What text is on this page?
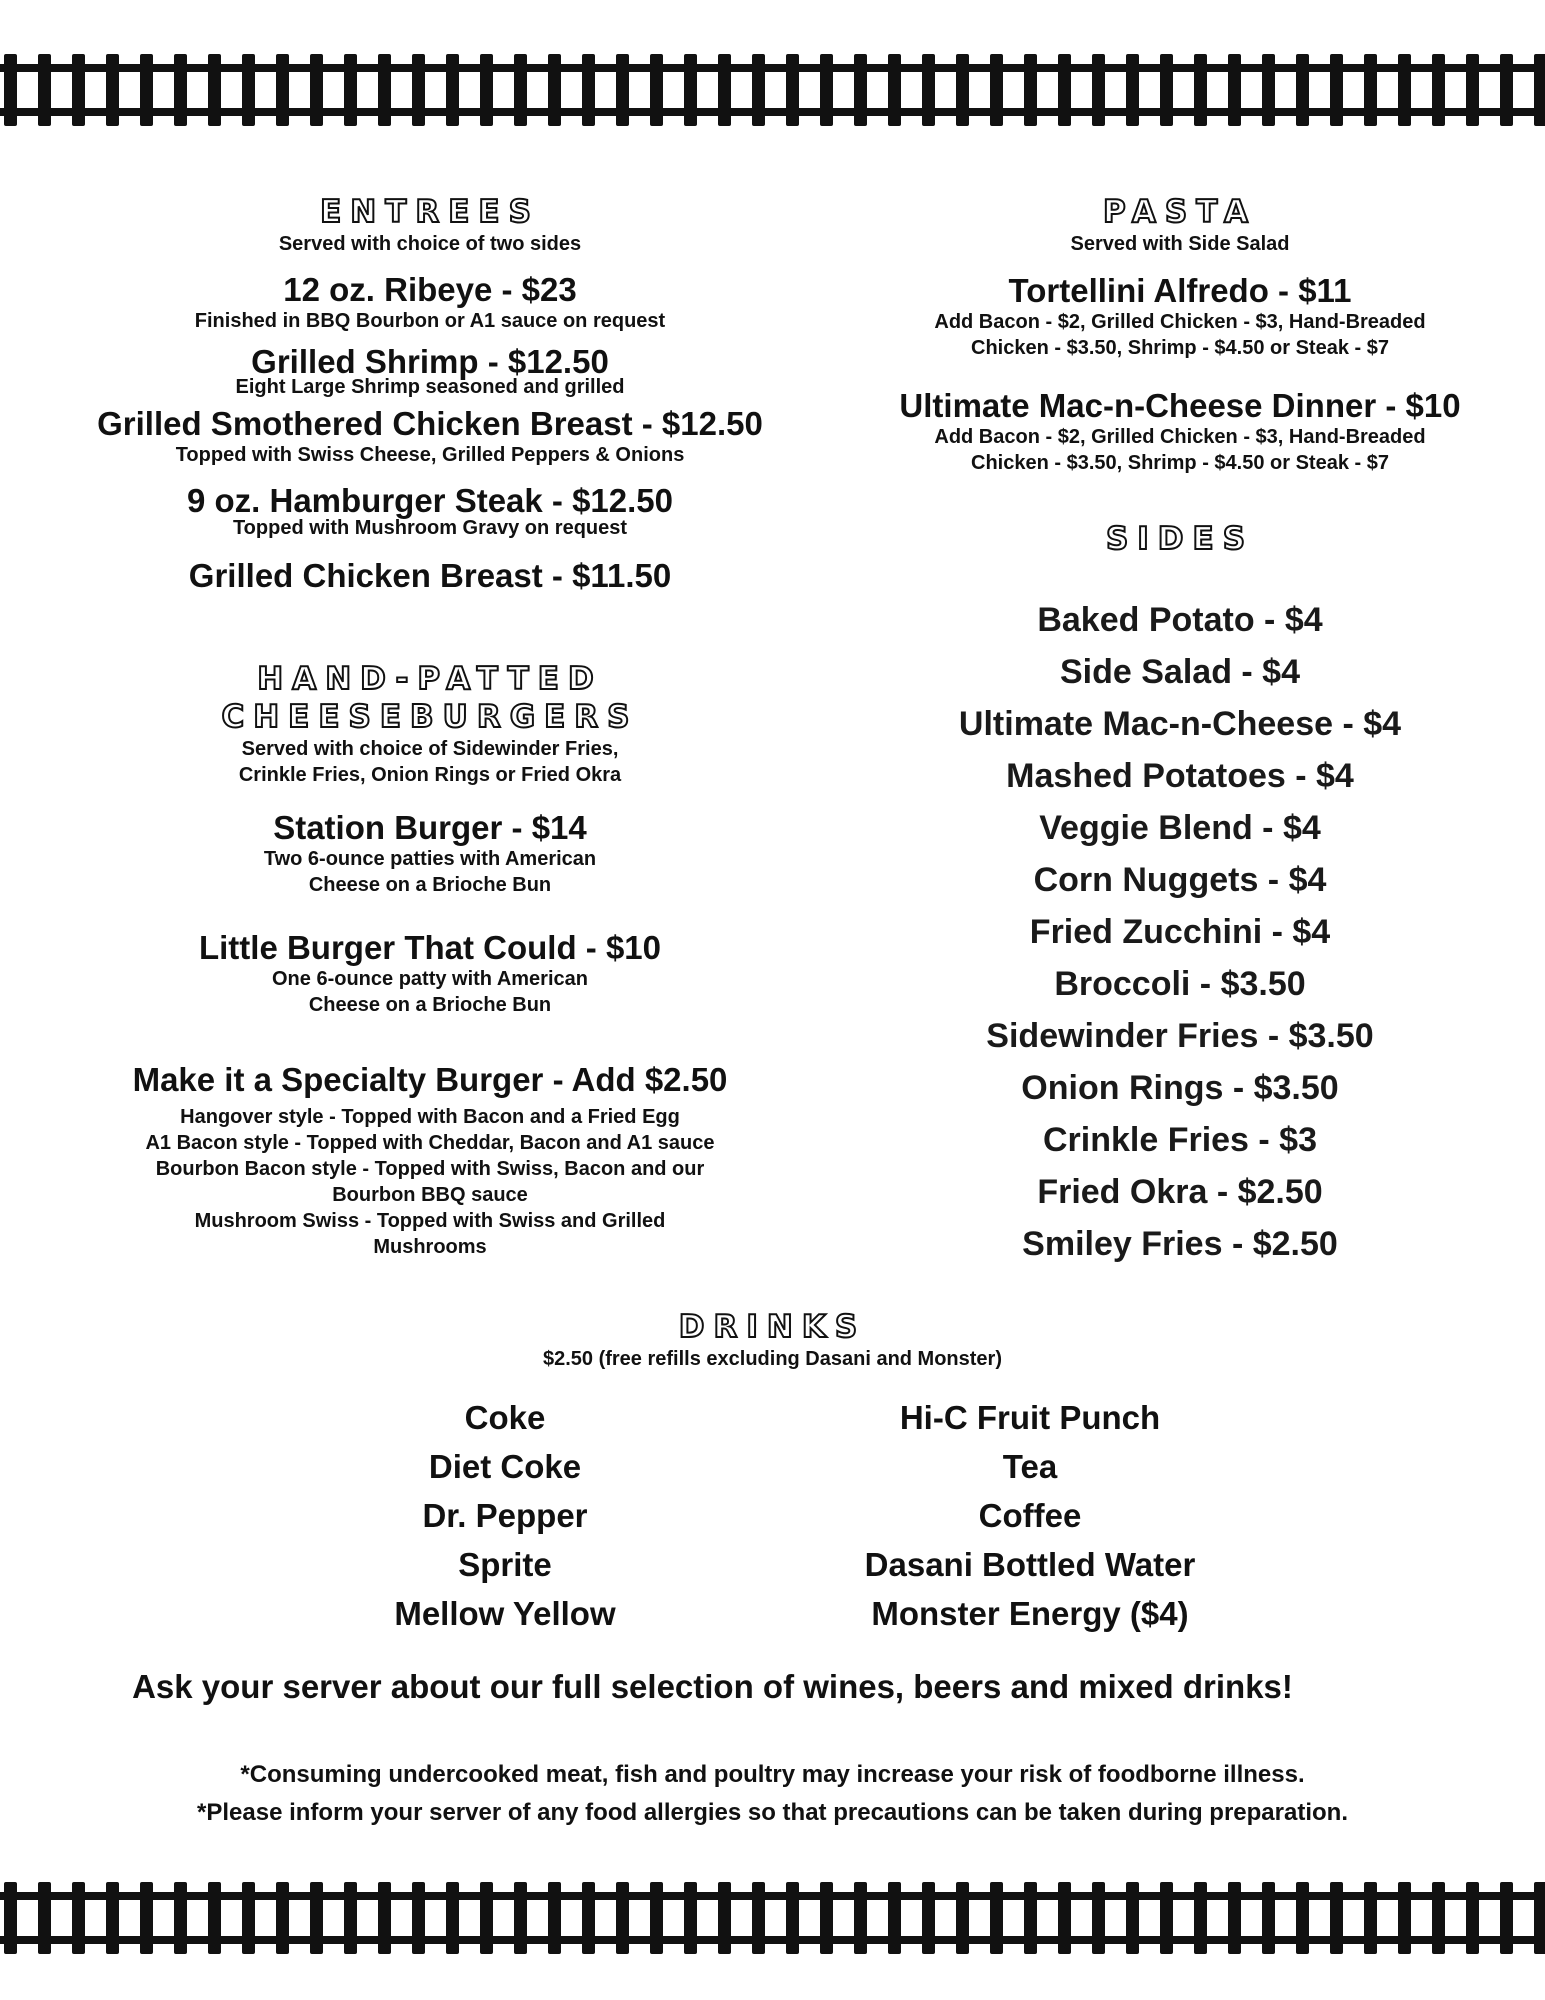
ENTREES

Served with choice of two sides

12 oz. Ribeye - $23

Finished in BBQ Bourbon or A1 sauce on request

Grilled Shrimp - $12.50

Eight Large Shrimp seasoned and grilled

Grilled Smothered Chicken Breast - $12.50

Topped with Swiss Cheese, Grilled Peppers & Onions

9 oz. Hamburger Steak - $12.50

Topped with Mushroom Gravy on request

Grilled Chicken Breast - $11.50

HAND-PATTED

CHEESEBURGERS

Served with choice of Sidewinder Fries,

Crinkle Fries, Onion Rings or Fried Okra

Station Burger - $14

Two 6-ounce patties with American

Cheese on a Brioche Bun

Little Burger That Could - $10

One 6-ounce patty with American

Cheese on a Brioche Bun

Make it a Specialty Burger - Add $2.50

Hangover style - Topped with Bacon and a Fried Egg

A1 Bacon style - Topped with Cheddar, Bacon and A1 sauce

Bourbon Bacon style - Topped with Swiss, Bacon and our

Bourbon BBQ sauce

Mushroom Swiss - Topped with Swiss and Grilled

Mushrooms

PASTA

Served with Side Salad

Tortellini Alfredo - $11

Add Bacon - $2, Grilled Chicken - $3, Hand-Breaded

Chicken - $3.50, Shrimp - $4.50 or Steak - $7

Ultimate Mac-n-Cheese Dinner - $10

Add Bacon - $2, Grilled Chicken - $3, Hand-Breaded

Chicken - $3.50, Shrimp - $4.50 or Steak - $7

SIDES

Baked Potato - $4

Side Salad - $4

Ultimate Mac-n-Cheese - $4

Mashed Potatoes - $4

Veggie Blend - $4

Corn Nuggets - $4

Fried Zucchini - $4

Broccoli - $3.50

Sidewinder Fries - $3.50

Onion Rings - $3.50

Crinkle Fries - $3

Fried Okra - $2.50

Smiley Fries - $2.50

DRINKS

$2.50 (free refills excluding Dasani and Monster)

Coke

Diet Coke

Dr. Pepper

Sprite

Mellow Yellow

Hi-C Fruit Punch

Tea

Coffee

Dasani Bottled Water

Monster Energy ($4)

Ask your server about our full selection of wines, beers and mixed drinks!

*Consuming undercooked meat, fish and poultry may increase your risk of foodborne illness.

*Please inform your server of any food allergies so that precautions can be taken during preparation.
